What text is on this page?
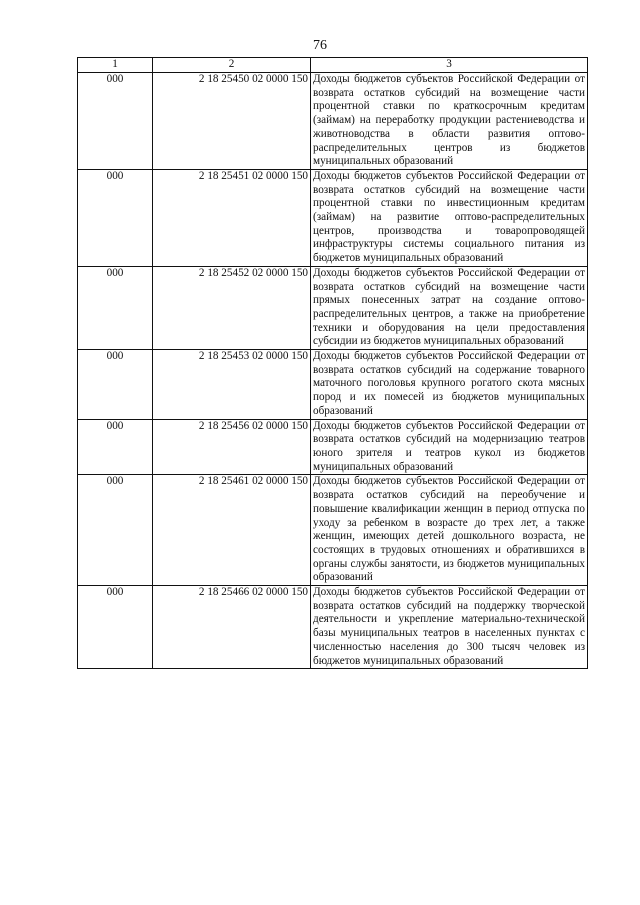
76
1	2	3
000	2 18 25450 02 0000 150	Доходы бюджетов субъектов Российской Федерации от возврата остатков субсидий на возмещение части процентной ставки по краткосрочным кредитам (займам) на переработку продукции растениеводства и животноводства в области развития оптово-распределительных центров из бюджетов муниципальных образований
000	2 18 25451 02 0000 150	Доходы бюджетов субъектов Российской Федерации от возврата остатков субсидий на возмещение части процентной ставки по инвестиционным кредитам (займам) на развитие оптово-распределительных центров, производства и товаропроводящей инфраструктуры системы социального питания из бюджетов муниципальных образований
000	2 18 25452 02 0000 150	Доходы бюджетов субъектов Российской Федерации от возврата остатков субсидий на возмещение части прямых понесенных затрат на создание оптово-распределительных центров, а также на приобретение техники и оборудования на цели предоставления субсидии из бюджетов муниципальных образований
000	2 18 25453 02 0000 150	Доходы бюджетов субъектов Российской Федерации от возврата остатков субсидий на содержание товарного маточного поголовья крупного рогатого скота мясных пород и их помесей из бюджетов муниципальных образований
000	2 18 25456 02 0000 150	Доходы бюджетов субъектов Российской Федерации от возврата остатков субсидий на модернизацию театров юного зрителя и театров кукол из бюджетов муниципальных образований
000	2 18 25461 02 0000 150	Доходы бюджетов субъектов Российской Федерации от возврата остатков субсидий на переобучение и повышение квалификации женщин в период отпуска по уходу за ребенком в возрасте до трех лет, а также женщин, имеющих детей дошкольного возраста, не состоящих в трудовых отношениях и обратившихся в органы службы занятости, из бюджетов муниципальных образований
000	2 18 25466 02 0000 150	Доходы бюджетов субъектов Российской Федерации от возврата остатков субсидий на поддержку творческой деятельности и укрепление материально-технической базы муниципальных театров в населенных пунктах с численностью населения до 300 тысяч человек из бюджетов муниципальных образований
